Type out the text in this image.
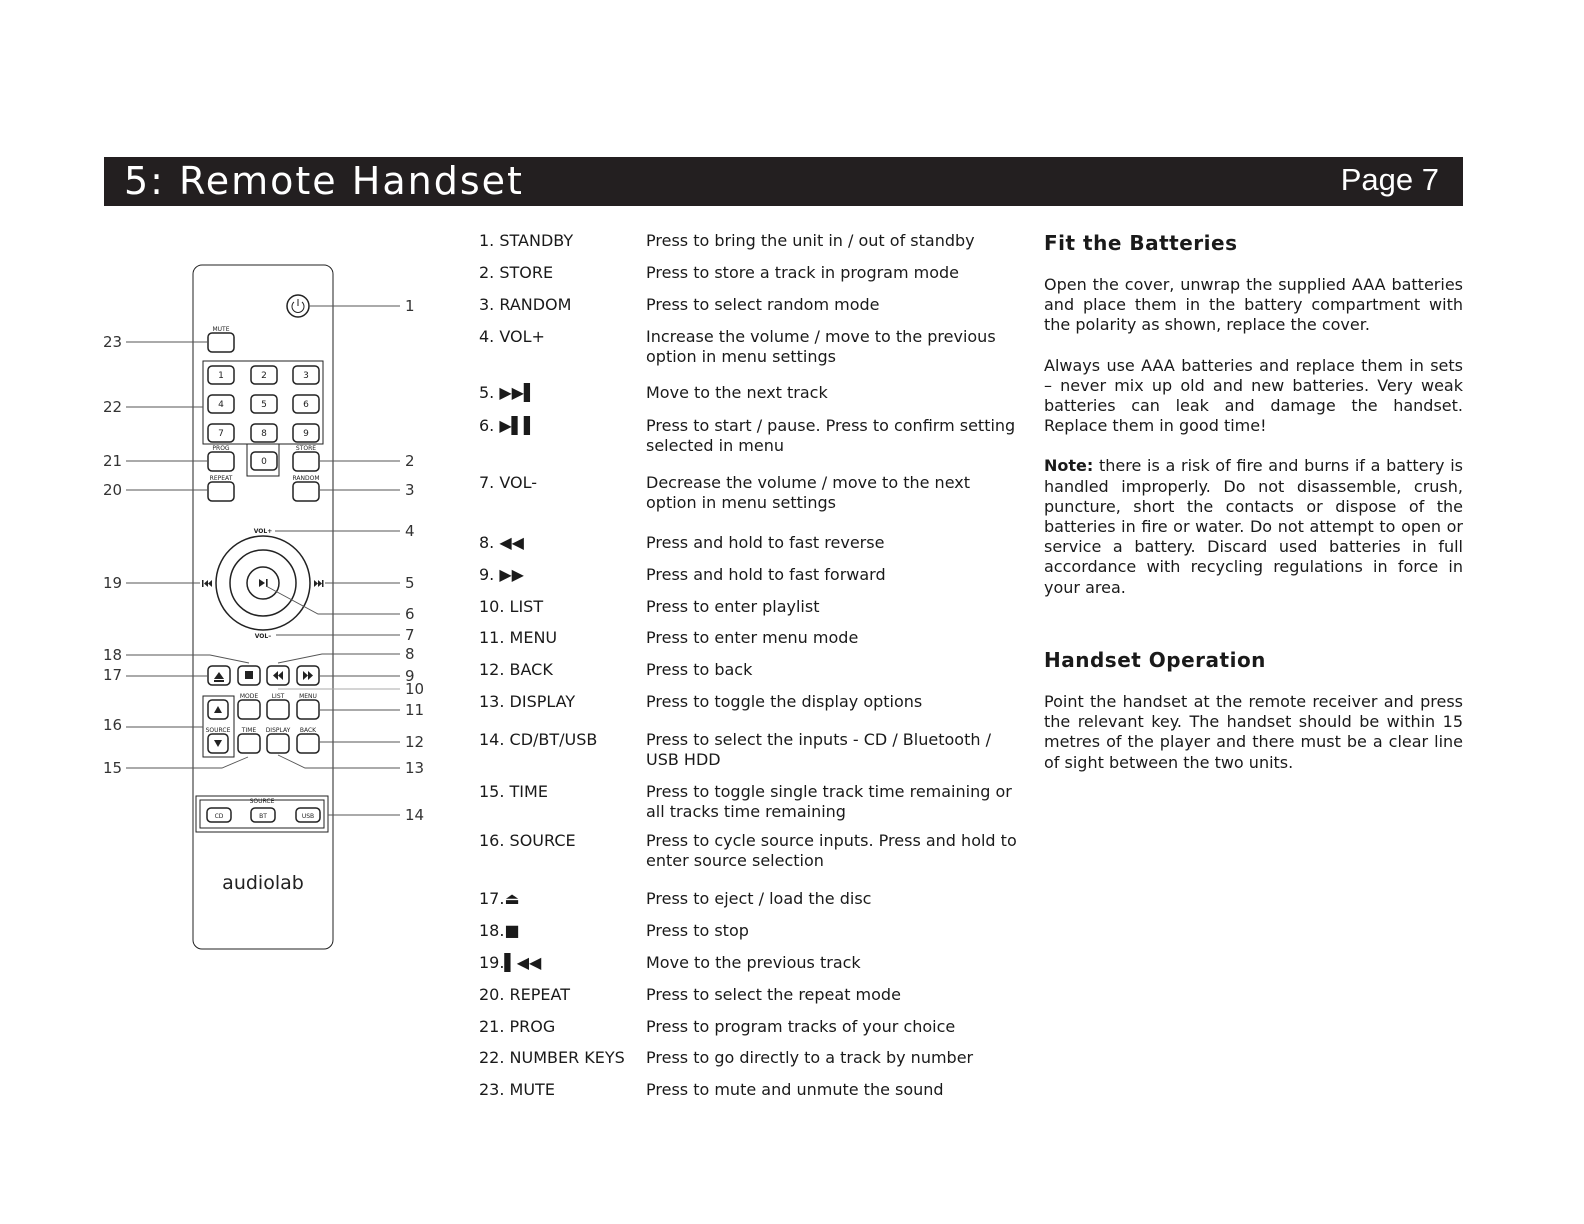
5: Remote Handset	Page 7
MUTE
PROG	STORE
REPEAT	RANDOM
VOL+
VOL–
MODE LIST MENU
SOURCE TIME DISPLAY BACK
SOURCE
CD	BT	USB
1	2	3
4	5	6
7	8	9
0
audiolab
1
2
3
4
5
6
7
8
9
10
11
12
13
14
15
16
17
18
19
20
21
22
23
1. STANDBY	Press to bring the unit in / out of standby
2. STORE	Press to store a track in program mode
3. RANDOM	Press to select random mode
4. VOL+	Increase the volume / move to the previous option in menu settings
5. ▶▶▌	Move to the next track
6. ▶▌▌	Press to start / pause. Press to confirm setting selected in menu
7. VOL-	Decrease the volume / move to the next option in menu settings
8. ◀◀	Press and hold to fast reverse
9. ▶▶	Press and hold to fast forward
10. LIST	Press to enter playlist
11. MENU	Press to enter menu mode
12. BACK	Press to back
13. DISPLAY	Press to toggle the display options
14. CD/BT/USB	Press to select the inputs - CD / Bluetooth / USB HDD
15. TIME	Press to toggle single track time remaining or all tracks time remaining
16. SOURCE	Press to cycle source inputs. Press and hold to enter source selection
17.⏏	Press to eject / load the disc
18.■	Press to stop
19.▌◀◀	Move to the previous track
20. REPEAT	Press to select the repeat mode
21. PROG	Press to program tracks of your choice
22. NUMBER KEYS	Press to go directly to a track by number
23. MUTE	Press to mute and unmute the sound
Fit the Batteries

Open the cover, unwrap the supplied AAA batteries and place them in the battery compartment with the polarity as shown, replace the cover.

Always use AAA batteries and replace them in sets – never mix up old and new batteries. Very weak batteries can leak and damage the handset. Replace them in good time!

Note: there is a risk of fire and burns if a battery is handled improperly. Do not disassemble, crush, puncture, short the contacts or dispose of the batteries in fire or water. Do not attempt to open or service a battery. Discard used batteries in full accordance with recycling regulations in force in your area.

Handset Operation

Point the handset at the remote receiver and press the relevant key. The handset should be within 15 metres of the player and there must be a clear line of sight between the two units.
